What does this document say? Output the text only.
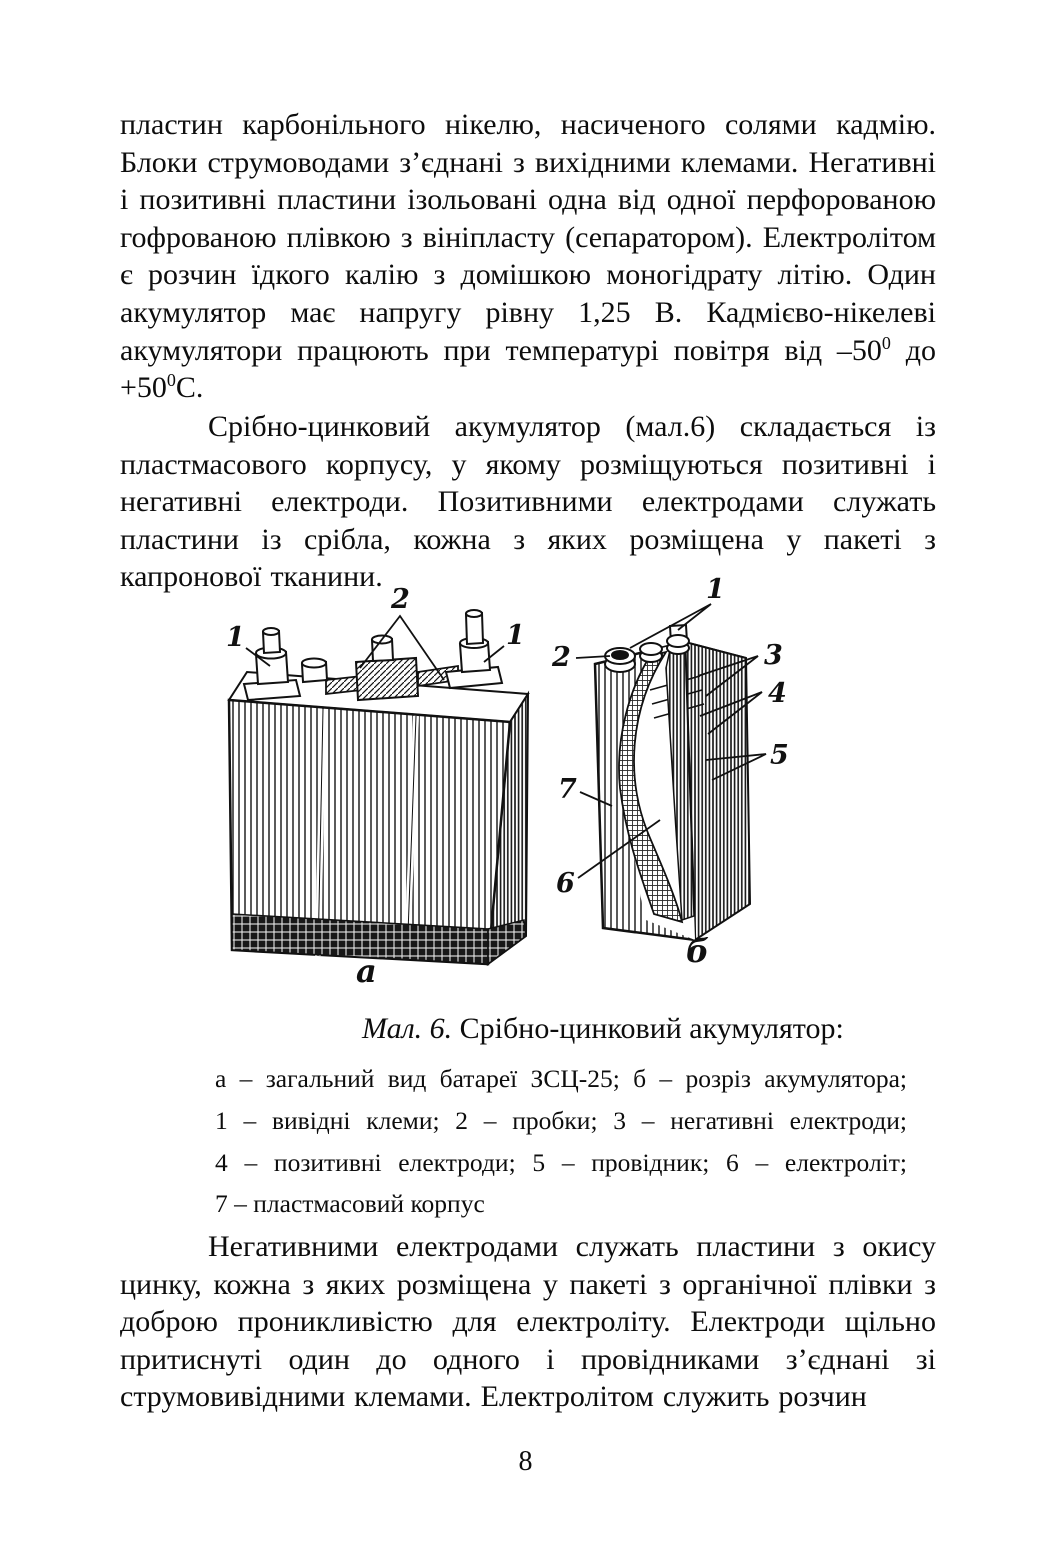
пластин карбонільного нікелю, насиченого солями кадмію. Блоки струмоводами з’єднані з вихідними клемами. Негативні і позитивні пластини ізольовані одна від одної перфорованою гофрованою плівкою з вініпласту (сепаратором). Електролітом є розчин їдкого калію з домішкою моногідрату літію. Один акумулятор має напругу рівну 1,25 В. Кадмієво-нікелеві акумулятори працюють при температурі повітря від $-50^0$ до $+50^0С$.
Срібно-цинковий акумулятор (мал.6) складається із пластмасового корпусу, у якому розміщуються позитивні і негативні електроди. Позитивними електродами служать пластини із срібла, кожна з яких розміщена у пакеті з капронової тканини.
1
2
1
а
1
2	3
4
5
6
7
б
Мал. 6. Срібно-цинковий акумулятор:
а – загальний вид батареї ЗСЦ-25; б – розріз акумулятора;
1 – вивідні клеми; 2 – пробки; 3 – негативні електроди;
4 – позитивні електроди; 5 – провідник; 6 – електроліт;
7 – пластмасовий корпус
Негативними електродами служать пластини з окису цинку, кожна з яких розміщена у пакеті з органічної плівки з доброю проникливістю для електроліту. Електроди щільно притиснуті один до одного і провідниками з’єднані зі струмовивідними клемами. Електролітом служить розчин
8
